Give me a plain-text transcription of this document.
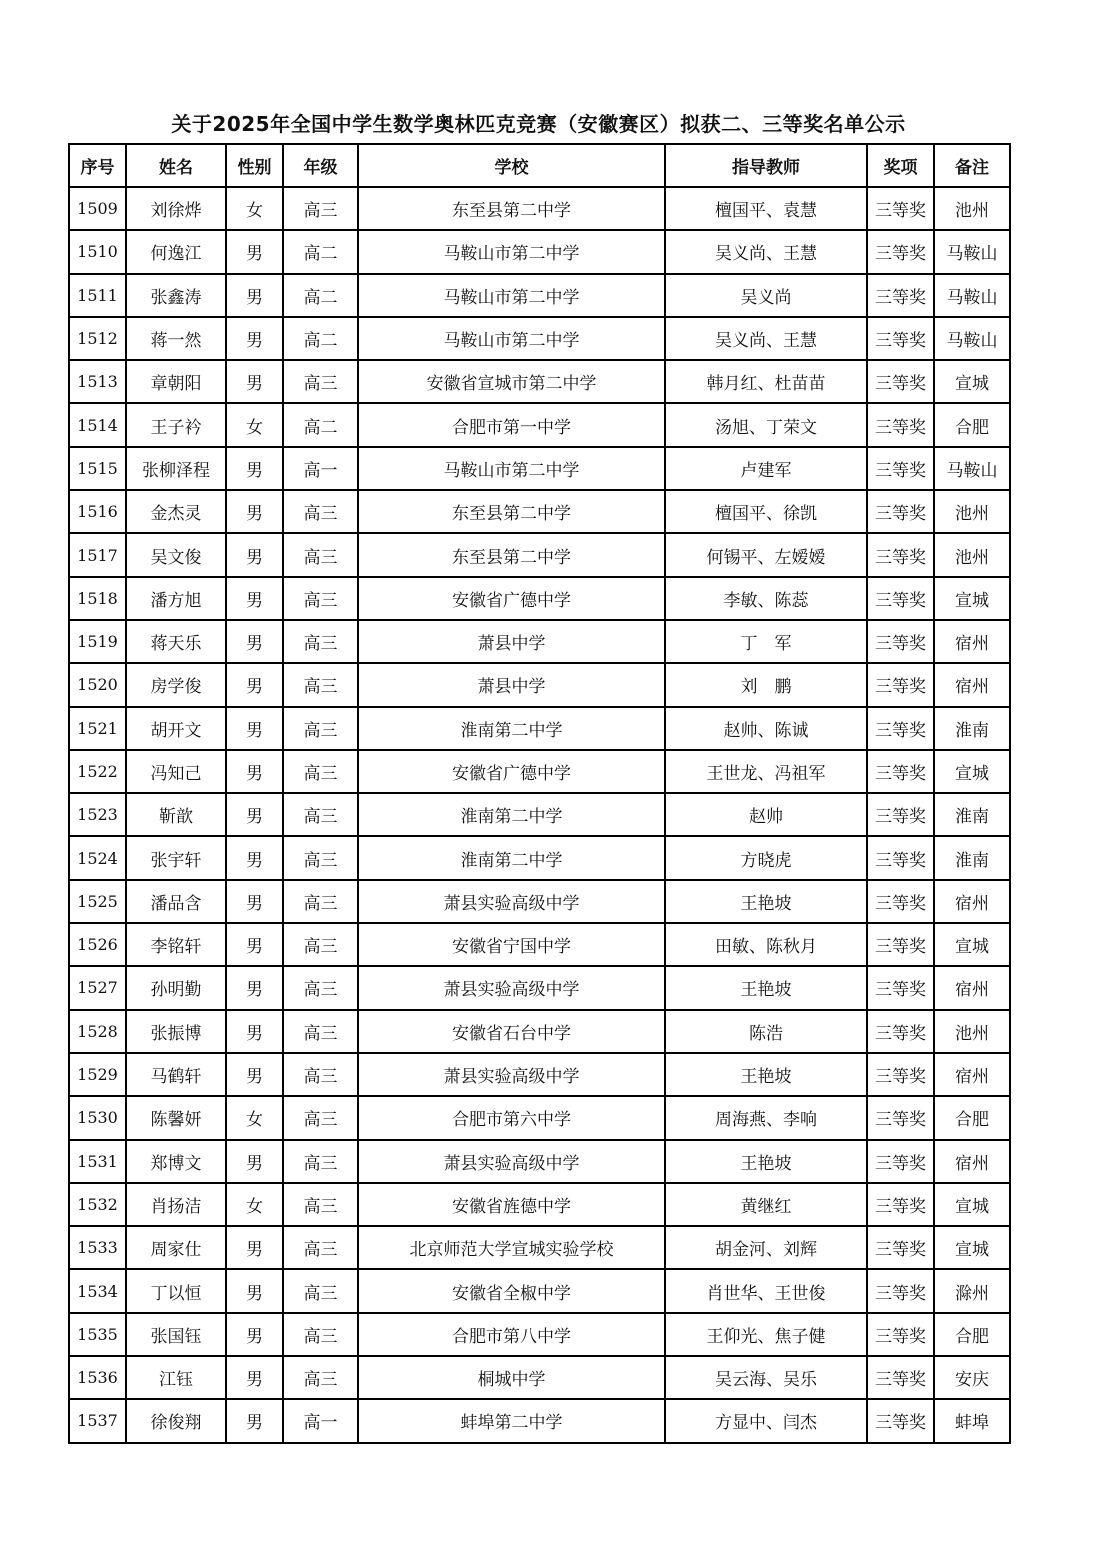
关于2025年全国中学生数学奥林匹克竞赛（安徽赛区）拟获二、三等奖名单公示
序号	姓名	性别	年级	学校	指导教师	奖项	备注
1509	刘徐烨	女	高三	东至县第二中学	檀国平、袁慧	三等奖	池州
1510	何逸江	男	高二	马鞍山市第二中学	吴义尚、王慧	三等奖	马鞍山
1511	张鑫涛	男	高二	马鞍山市第二中学	吴义尚	三等奖	马鞍山
1512	蒋一然	男	高二	马鞍山市第二中学	吴义尚、王慧	三等奖	马鞍山
1513	章朝阳	男	高三	安徽省宣城市第二中学	韩月红、杜苗苗	三等奖	宣城
1514	王子衿	女	高二	合肥市第一中学	汤旭、丁荣文	三等奖	合肥
1515	张柳泽程	男	高一	马鞍山市第二中学	卢建军	三等奖	马鞍山
1516	金杰灵	男	高三	东至县第二中学	檀国平、徐凯	三等奖	池州
1517	吴文俊	男	高三	东至县第二中学	何锡平、左嫒嫒	三等奖	池州
1518	潘方旭	男	高三	安徽省广德中学	李敏、陈蕊	三等奖	宣城
1519	蒋天乐	男	高三	萧县中学	丁　军	三等奖	宿州
1520	房学俊	男	高三	萧县中学	刘　鹏	三等奖	宿州
1521	胡开文	男	高三	淮南第二中学	赵帅、陈诚	三等奖	淮南
1522	冯知己	男	高三	安徽省广德中学	王世龙、冯祖军	三等奖	宣城
1523	靳歆	男	高三	淮南第二中学	赵帅	三等奖	淮南
1524	张宇轩	男	高三	淮南第二中学	方晓虎	三等奖	淮南
1525	潘品含	男	高三	萧县实验高级中学	王艳坡	三等奖	宿州
1526	李铭轩	男	高三	安徽省宁国中学	田敏、陈秋月	三等奖	宣城
1527	孙明勤	男	高三	萧县实验高级中学	王艳坡	三等奖	宿州
1528	张振博	男	高三	安徽省石台中学	陈浩	三等奖	池州
1529	马鹤轩	男	高三	萧县实验高级中学	王艳坡	三等奖	宿州
1530	陈馨妍	女	高三	合肥市第六中学	周海燕、李响	三等奖	合肥
1531	郑博文	男	高三	萧县实验高级中学	王艳坡	三等奖	宿州
1532	肖扬洁	女	高三	安徽省旌德中学	黄继红	三等奖	宣城
1533	周家仕	男	高三	北京师范大学宣城实验学校	胡金河、刘辉	三等奖	宣城
1534	丁以恒	男	高三	安徽省全椒中学	肖世华、王世俊	三等奖	滁州
1535	张国钰	男	高三	合肥市第八中学	王仰光、焦子健	三等奖	合肥
1536	江钰	男	高三	桐城中学	吴云海、吴乐	三等奖	安庆
1537	徐俊翔	男	高一	蚌埠第二中学	方显中、闫杰	三等奖	蚌埠
